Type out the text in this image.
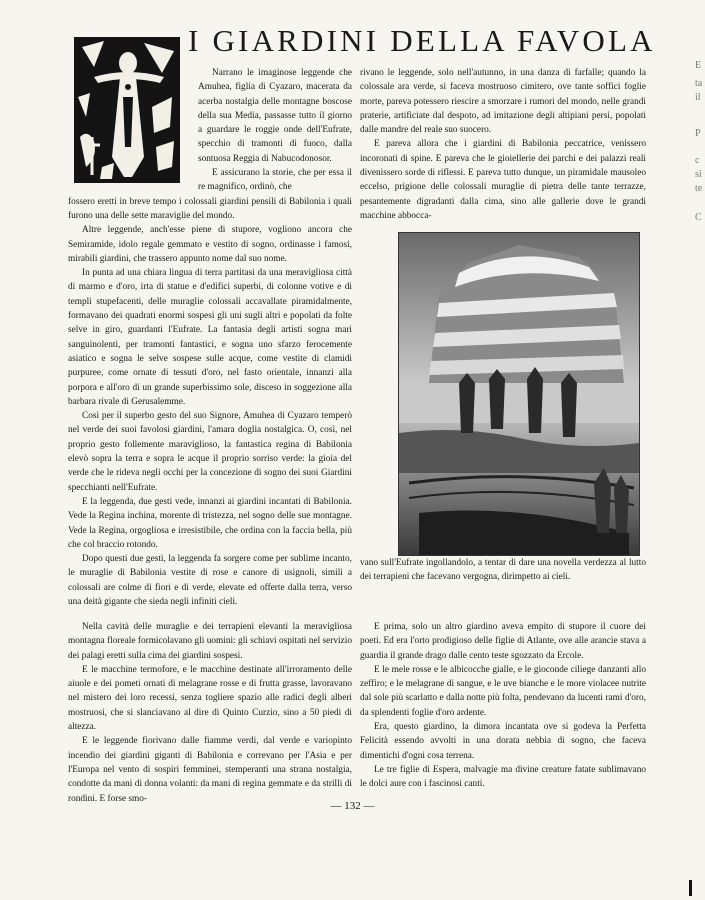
I GIARDINI DELLA FAVOLA

Narrano le imaginose leggende che Amuhea, figlia di Cyazaro, macerata da acerba nostalgia delle montagne boscose della sua Media, passasse tutto il giorno a guardare le roggie onde dell'Eufrate, specchio di tramonti di fuoco, dalla sontuosa Reggia di Nabucodonosor.

E assicurano la storie, che per essa il re magnifico, ordinò, che

fossero eretti in breve tempo i colossali giardini pensili di Babilonia i quali furono una delle sette maraviglie del mondo.

Altre leggende, anch'esse piene di stupore, vogliono ancora che Semiramide, idolo regale gemmato e vestito di sogno, ordinasse i famosi, mirabili giardini, che trassero appunto nome dal suo nome.

In punta ad una chiara lingua di terra partitasi da una meravigliosa città di marmo e d'oro, irta di statue e d'edifici superbi, di colonne votive e di templi stupefacenti, delle muraglie colossali accavallate piramidalmente, formavano dei quadrati enormi sospesi gli uni sugli altri e popolati da folte selve in giro, guardanti l'Eufrate. La fantasia degli artisti sogna mari sanguinolenti, per tramonti fantastici, e sogna uno sfarzo ferocemente asiatico e sogna le selve sospese sulle acque, come vestite di clamidi purpuree, come ornate di tessuti d'oro, nel fasto orientale, innanzi alla porpora e all'oro di un grande superbissimo sole, disceso in soggezione alla barbara rivale di Gerusalemme.

Così per il superbo gesto del suo Signore, Amuhea di Cyazaro temperò nel verde dei suoi favolosi giardini, l'amara doglia nostalgica. O, così, nel proprio gesto follemente maraviglioso, la fantastica regina di Babilonia elevò sopra la terra e sopra le acque il proprio sorriso verde: la gioia del verde che le rideva negli occhi per la concezione di sogno dei suoi Giardini specchianti nell'Eufrate.

E la leggenda, due gesti vede, innanzi ai giardini incantati di Babilonia. Vede la Regina inchina, morente di tristezza, nel sogno delle sue montagne. Vede la Regina, orgogliosa e irresistibile, che ordina con la faccia bella, più che col braccio rotondo.

Dopo questi due gesti, la leggenda fa sorgere come per sublime incanto, le muraglie di Babilonia vestite di rose e canore di usignoli, simili a colossali are colme di fiori e di verde, elevate ed offerte dalla terra, verso una deità gigante che sieda negli infiniti cieli.

rivano le leggende, solo nell'autunno, in una danza di farfalle; quando la colossale ara verde, si faceva mostruoso cimitero, ove tante soffici foglie morte, pareva potessero riescire a smorzare i rumori del mondo, nelle grandi praterie, artificiate dal despoto, ad imitazione degli altipiani persi, popolati dalle mandre del reale suo suocero.

E pareva allora che i giardini di Babilonia peccatrice, venissero incoronati di spine. E pareva che le gioiellerie dei parchi e dei palazzi reali divenissero sorde di riflessi. E pareva tutto dunque, un piramidale mausoleo eccelso, prigione delle colossali muraglie di pietra delle tante terrazze, pesantemente digradanti dalla cima, sino alle gallerie dove le grandi macchine abbocca-

vano sull'Eufrate ingollandolo, a tentar di dare una novella verdezza al lutto dei terrapieni che facevano vergogna, dirimpetto ai cieli.

Nella cavità delle muraglie e dei terrapieni elevanti la meravigliosa montagna floreale formicolavano gli uomini: gli schiavi ospitati nel servizio dei palagi eretti sulla cima dei giardini sospesi.

E le macchine termofore, e le macchine destinate all'irroramento delle aiuole e dei pometi ornati di melagrane rosse e di frutta grasse, lavoravano nel mistero dei loro recessi, senza togliere spazio alle radici degli alberi mostruosi, che si slanciavano al dire di Quinto Curzio, sino a 50 piedi di altezza.

E le leggende fiorivano dalle fiamme verdi, dal verde e variopinto incendio dei giardini giganti di Babilonia e correvano per l'Asia e per l'Europa nel vento di sospiri femminei, stemperanti una strana nostalgia, condotte da mani di donna volanti: da mani di regina gemmate e da strilli di rondini. E forse smo-

E prima, solo un altro giardino aveva empito di stupore il cuore dei poeti. Ed era l'orto prodigioso delle figlie di Atlante, ove alle arancie stava a guardia il grande drago dalle cento teste sgozzato da Ercole.

E le mele rosse e le albicocche gialle, e le gioconde ciliege danzanti allo zeffiro; e le melagrane di sangue, e le uve bianche e le more violacee nutrite dal sole più scarlatto e dalla notte più folta, pendevano da lucenti rami d'oro, da splendenti foglie d'oro ardente.

Era, questo giardino, la dimora incantata ove si godeva la Perfetta Felicità essendo avvolti in una dorata nebbia di sogno, che faceva dimentichi d'ogni cosa terrena.

Le tre figlie di Espera, malvagie ma divine creature fatate sublimavano le dolci aure con i fascinosi canti.

— 132 —
E
ta
il
P
c
si
te
C
